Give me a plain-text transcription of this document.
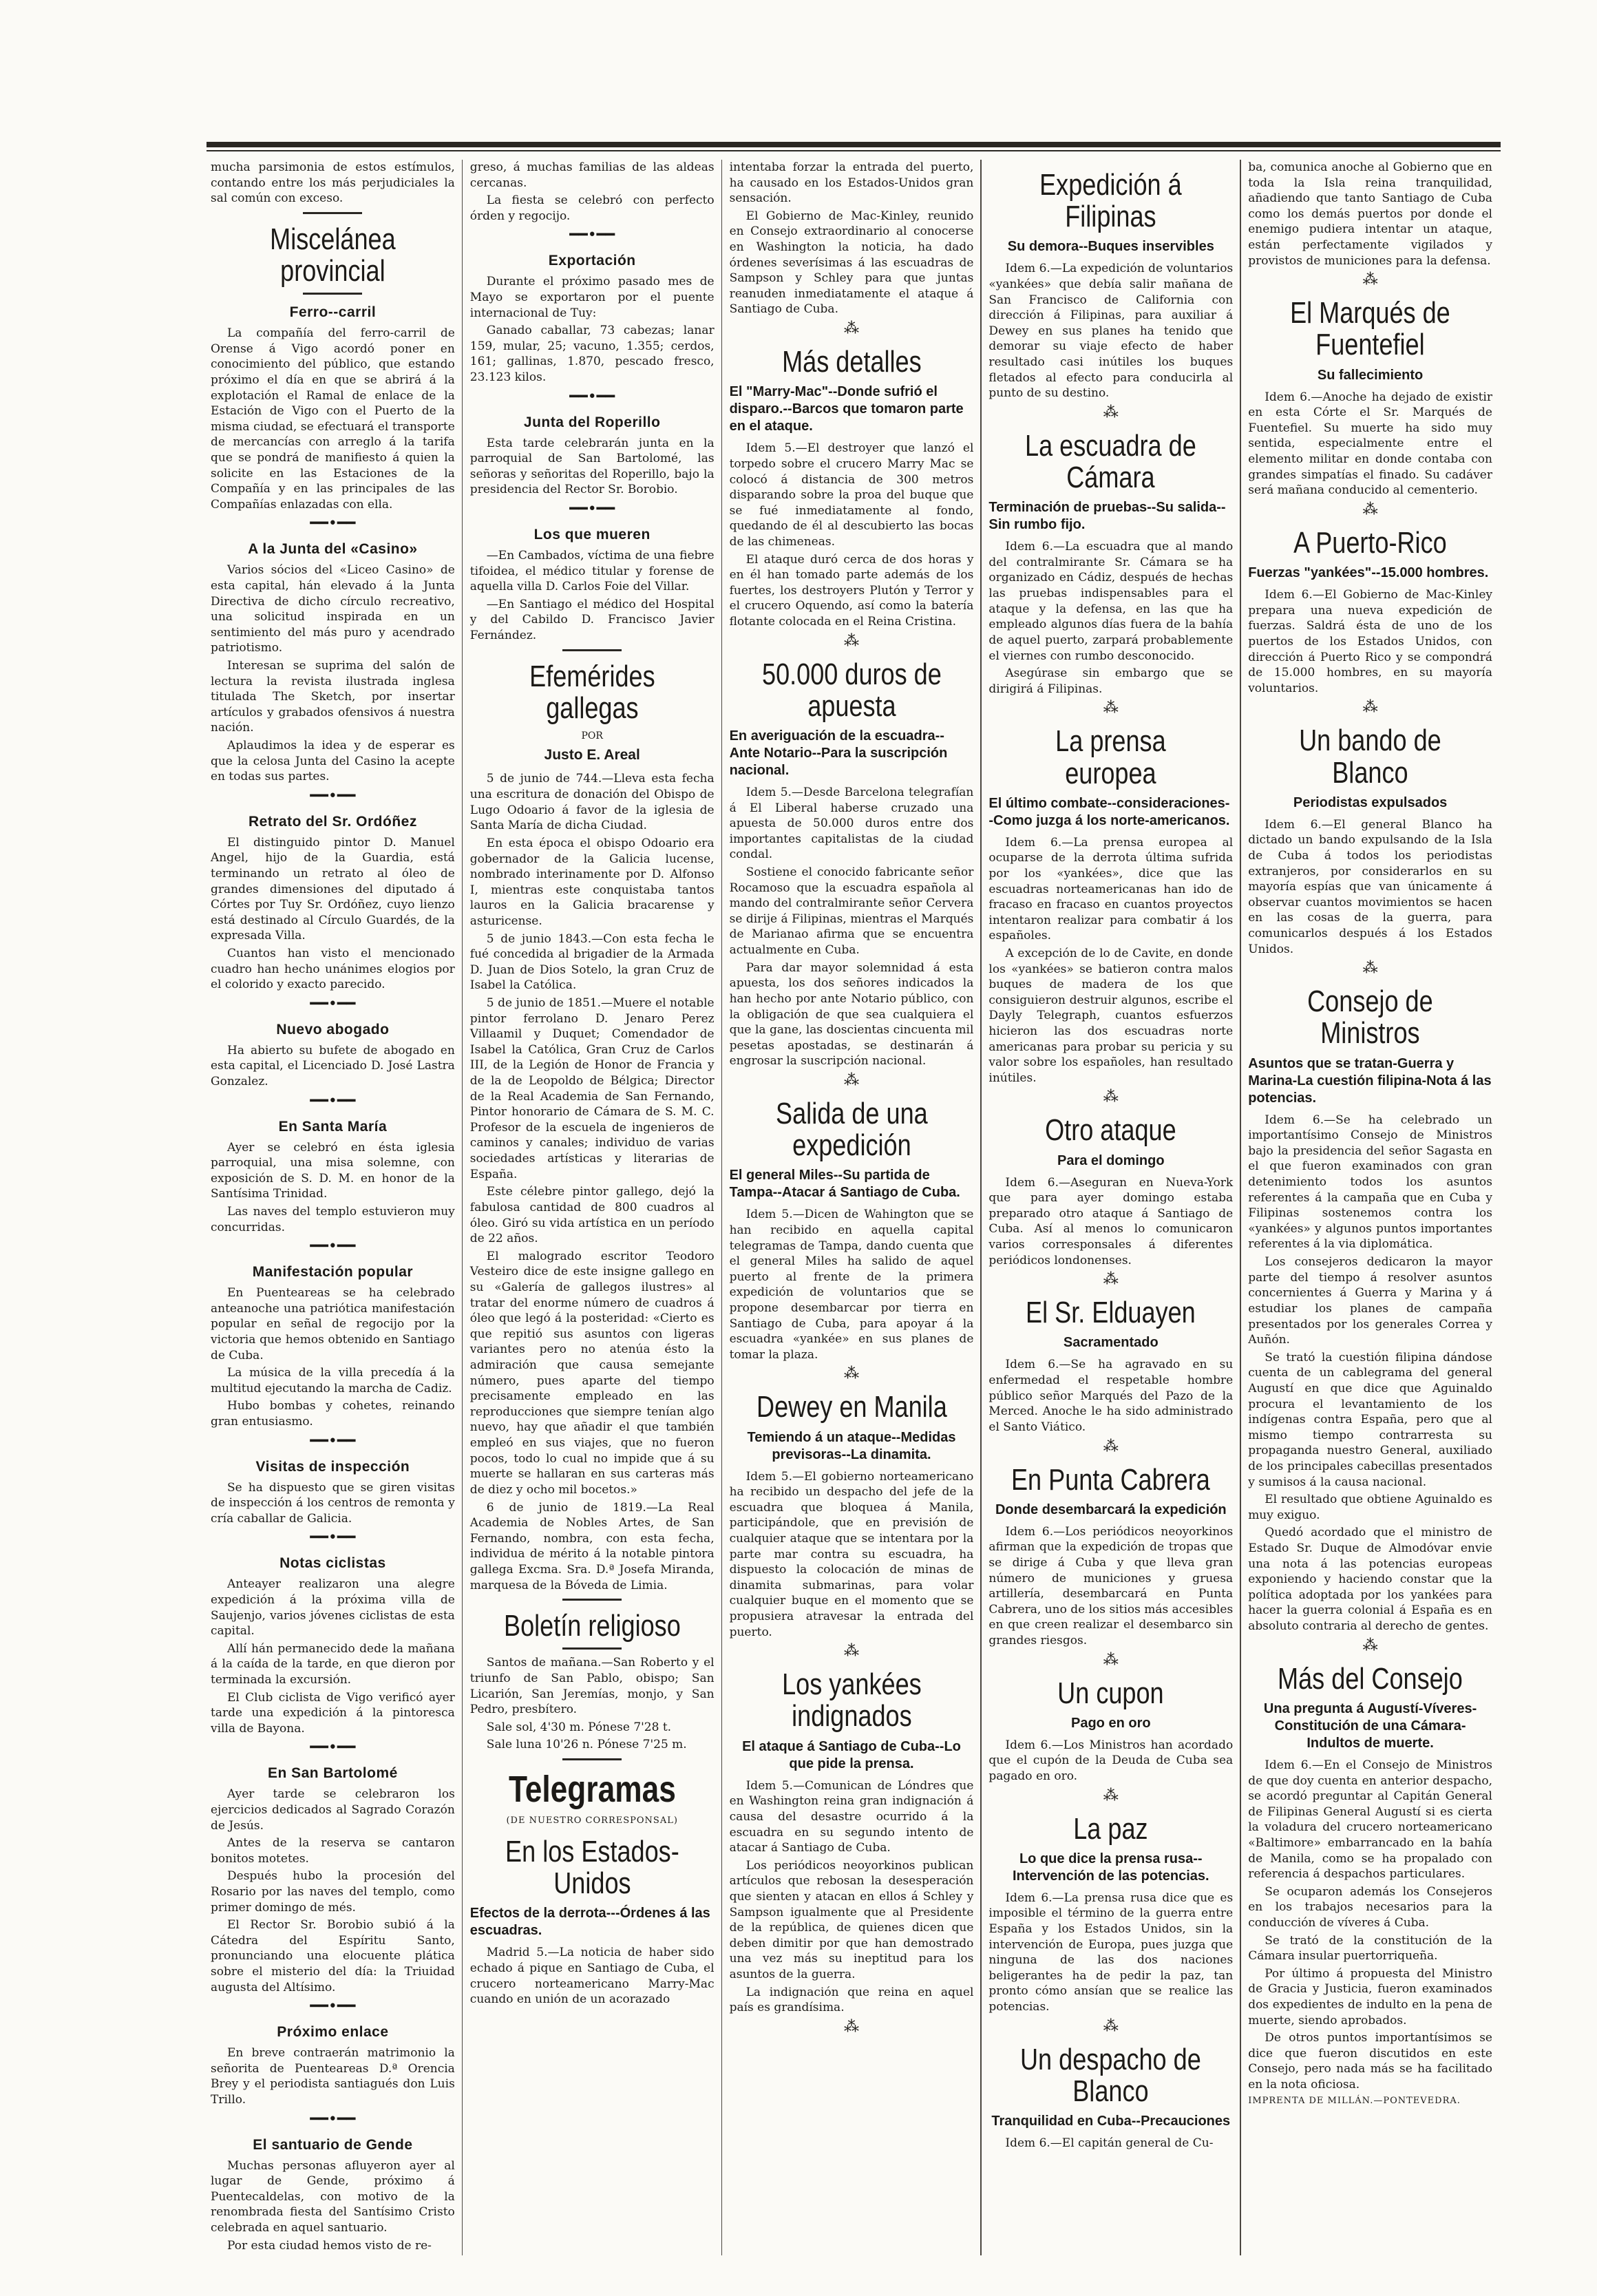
mucha parsimonia de estos estímulos, contando entre los más perjudiciales la sal común con exceso.

Miscelánea provincial
Ferro--carril

La compañía del ferro-carril de Orense á Vigo acordó poner en conocimiento del público, que estando próximo el día en que se abrirá á la explotación el Ramal de enlace de la Estación de Vigo con el Puerto de la misma ciudad, se efectuará el transporte de mercancías con arreglo á la tarifa que se pondrá de manifiesto á quien la solicite en las Estaciones de la Compañía y en las principales de las Compañías enlazadas con ella.

━━•━━
A la Junta del «Casino»

Varios sócios del «Liceo Casino» de esta capital, hán elevado á la Junta Directiva de dicho círculo recreativo, una solicitud inspirada en un sentimiento del más puro y acendrado patriotismo.

Interesan se suprima del salón de lectura la revista ilustrada inglesa titulada The Sketch, por insertar artículos y grabados ofensivos á nuestra nación.

Aplaudimos la idea y de esperar es que la celosa Junta del Casino la acepte en todas sus partes.

━━•━━
Retrato del Sr. Ordóñez

El distinguido pintor D. Manuel Angel, hijo de la Guardia, está terminando un retrato al óleo de grandes dimensiones del diputado á Córtes por Tuy Sr. Ordóñez, cuyo lienzo está destinado al Círculo Guardés, de la expresada Villa.

Cuantos han visto el mencionado cuadro han hecho unánimes elogios por el colorido y exacto parecido.

━━•━━
Nuevo abogado

Ha abierto su bufete de abogado en esta capital, el Licenciado D. José Lastra Gonzalez.

━━•━━
En Santa María

Ayer se celebró en ésta iglesia parroquial, una misa solemne, con exposición de S. D. M. en honor de la Santísima Trinidad.

Las naves del templo estuvieron muy concurridas.

━━•━━
Manifestación popular

En Puenteareas se ha celebrado anteanoche una patriótica manifestación popular en señal de regocijo por la victoria que hemos obtenido en Santiago de Cuba.

La música de la villa precedía á la multitud ejecutando la marcha de Cadiz.

Hubo bombas y cohetes, reinando gran entusiasmo.

━━•━━
Visitas de inspección

Se ha dispuesto que se giren visitas de inspección á los centros de remonta y cría caballar de Galicia.

━━•━━
Notas ciclistas

Anteayer realizaron una alegre expedición á la próxima villa de Saujenjo, varios jóvenes ciclistas de esta capital.

Allí hán permanecido dede la mañana á la caída de la tarde, en que dieron por terminada la excursión.

El Club ciclista de Vigo verificó ayer tarde una expedición á la pintoresca villa de Bayona.

━━•━━
En San Bartolomé

Ayer tarde se celebraron los ejercicios dedicados al Sagrado Corazón de Jesús.

Antes de la reserva se cantaron bonitos motetes.

Después hubo la procesión del Rosario por las naves del templo, como primer domingo de més.

El Rector Sr. Borobio subió á la Cátedra del Espíritu Santo, pronunciando una elocuente plática sobre el misterio del día: la Triuidad augusta del Altísimo.

━━•━━
Próximo enlace

En breve contraerán matrimonio la señorita de Puenteareas D.ª Orencia Brey y el periodista santiagués don Luis Trillo.

━━•━━
El santuario de Gende

Muchas personas afluyeron ayer al lugar de Gende, próximo á Puentecaldelas, con motivo de la renombrada fiesta del Santísimo Cristo celebrada en aquel santuario.

Por esta ciudad hemos visto de re-

greso, á muchas familias de las aldeas cercanas.

La fiesta se celebró con perfecto órden y regocijo.

━━•━━
Exportación

Durante el próximo pasado mes de Mayo se exportaron por el puente internacional de Tuy:

Ganado caballar, 73 cabezas; lanar 159, mular, 25; vacuno, 1.355; cerdos, 161; gallinas, 1.870, pescado fresco, 23.123 kilos.

━━•━━
Junta del Roperillo

Esta tarde celebrarán junta en la parroquial de San Bartolomé, las señoras y señoritas del Roperillo, bajo la presidencia del Rector Sr. Borobio.

━━•━━
Los que mueren

—En Cambados, víctima de una fiebre tifoidea, el médico titular y forense de aquella villa D. Carlos Foie del Villar.

—En Santiago el médico del Hospital y del Cabildo D. Francisco Javier Fernández.

Efemérides gallegas
POR
Justo E. Areal

5 de junio de 744.—Lleva esta fecha una escritura de donación del Obispo de Lugo Odoario á favor de la iglesia de Santa María de dicha Ciudad.

En esta época el obispo Odoario era gobernador de la Galicia lucense, nombrado interinamente por D. Alfonso I, mientras este conquistaba tantos lauros en la Galicia bracarense y asturicense.

5 de junio 1843.—Con esta fecha le fué concedida al brigadier de la Armada D. Juan de Dios Sotelo, la gran Cruz de Isabel la Católica.

5 de junio de 1851.—Muere el notable pintor ferrolano D. Jenaro Perez Villaamil y Duquet; Comendador de Isabel la Católica, Gran Cruz de Carlos III, de la Legión de Honor de Francia y de la de Leopoldo de Bélgica; Director de la Real Academia de San Fernando, Pintor honorario de Cámara de S. M. C. Profesor de la escuela de ingenieros de caminos y canales; individuo de varias sociedades artísticas y literarias de España.

Este célebre pintor gallego, dejó la fabulosa cantidad de 800 cuadros al óleo. Giró su vida artística en un período de 22 años.

El malogrado escritor Teodoro Vesteiro dice de este insigne gallego en su «Galería de gallegos ilustres» al tratar del enorme número de cuadros á óleo que legó á la posteridad: «Cierto es que repitió sus asuntos con ligeras variantes pero no atenúa ésto la admiración que causa semejante número, pues aparte del tiempo precisamente empleado en las reproducciones que siempre tenían algo nuevo, hay que añadir el que también empleó en sus viajes, que no fueron pocos, todo lo cual no impide que á su muerte se hallaran en sus carteras más de diez y ocho mil bocetos.»

6 de junio de 1819.—La Real Academia de Nobles Artes, de San Fernando, nombra, con esta fecha, individua de mérito á la notable pintora gallega Excma. Sra. D.ª Josefa Miranda, marquesa de la Bóveda de Limia.

Boletín religioso

Santos de mañana.—San Roberto y el triunfo de San Pablo, obispo; San Licarión, San Jeremías, monjo, y San Pedro, presbítero.

Sale sol, 4'30 m. Pónese 7'28 t.

Sale luna 10'26 n. Pónese 7'25 m.

Telegramas
(DE NUESTRO CORRESPONSAL)
En los Estados-Unidos
Efectos de la derrota---Órdenes á las escuadras.

Madrid 5.—La noticia de haber sido echado á pique en Santiago de Cuba, el crucero norteamericano Marry-Mac cuando en unión de un acorazado

intentaba forzar la entrada del puerto, ha causado en los Estados-Unidos gran sensación.

El Gobierno de Mac-Kinley, reunido en Consejo extraordinario al conocerse en Washington la noticia, ha dado órdenes severísimas á las escuadras de Sampson y Schley para que juntas reanuden inmediatamente el ataque á Santiago de Cuba.

⁂
Más detalles
El "Marry-Mac"--Donde sufrió el disparo.--Barcos que tomaron parte en el ataque.

Idem 5.—El destroyer que lanzó el torpedo sobre el crucero Marry Mac se colocó á distancia de 300 metros disparando sobre la proa del buque que se fué inmediatamente al fondo, quedando de él al descubierto las bocas de las chimeneas.

El ataque duró cerca de dos horas y en él han tomado parte además de los fuertes, los destroyers Plutón y Terror y el crucero Oquendo, así como la batería flotante colocada en el Reina Cristina.

⁂
50.000 duros de apuesta
En averiguación de la escuadra--Ante Notario--Para la suscripción nacional.

Idem 5.—Desde Barcelona telegrafían á El Liberal haberse cruzado una apuesta de 50.000 duros entre dos importantes capitalistas de la ciudad condal.

Sostiene el conocido fabricante señor Rocamoso que la escuadra española al mando del contralmirante señor Cervera se dirije á Filipinas, mientras el Marqués de Marianao afirma que se encuentra actualmente en Cuba.

Para dar mayor solemnidad á esta apuesta, los dos señores indicados la han hecho por ante Notario público, con la obligación de que sea cualquiera el que la gane, las doscientas cincuenta mil pesetas apostadas, se destinarán á engrosar la suscripción nacional.

⁂
Salida de una expedición
El general Miles--Su partida de Tampa--Atacar á Santiago de Cuba.

Idem 5.—Dicen de Wahington que se han recibido en aquella capital telegramas de Tampa, dando cuenta que el general Miles ha salido de aquel puerto al frente de la primera expedición de voluntarios que se propone desembarcar por tierra en Santiago de Cuba, para apoyar á la escuadra «yankée» en sus planes de tomar la plaza.

⁂
Dewey en Manila
Temiendo á un ataque--Medidas previsoras--La dinamita.

Idem 5.—El gobierno norteamericano ha recibido un despacho del jefe de la escuadra que bloquea á Manila, participándole, que en previsión de cualquier ataque que se intentara por la parte mar contra su escuadra, ha dispuesto la colocación de minas de dinamita submarinas, para volar cualquier buque en el momento que se propusiera atravesar la entrada del puerto.

⁂
Los yankées indignados
El ataque á Santiago de Cuba--Lo que pide la prensa.

Idem 5.—Comunican de Lóndres que en Washington reina gran indignación á causa del desastre ocurrido á la escuadra en su segundo intento de atacar á Santiago de Cuba.

Los periódicos neoyorkinos publican artículos que rebosan la desesperación que sienten y atacan en ellos á Schley y Sampson igualmente que al Presidente de la república, de quienes dicen que deben dimitir por que han demostrado una vez más su ineptitud para los asuntos de la guerra.

La indignación que reina en aquel país es grandísima.

⁂
Expedición á Filipinas
Su demora--Buques inservibles

Idem 6.—La expedición de voluntarios «yankées» que debía salir mañana de San Francisco de California con dirección á Filipinas, para auxiliar á Dewey en sus planes ha tenido que demorar su viaje efecto de haber resultado casi inútiles los buques fletados al efecto para conducirla al punto de su destino.

⁂
La escuadra de Cámara
Terminación de pruebas--Su salida--Sin rumbo fijo.

Idem 6.—La escuadra que al mando del contralmirante Sr. Cámara se ha organizado en Cádiz, después de hechas las pruebas indispensables para el ataque y la defensa, en las que ha empleado algunos días fuera de la bahía de aquel puerto, zarpará probablemente el viernes con rumbo desconocido.

Asegúrase sin embargo que se dirigirá á Filipinas.

⁂
La prensa europea
El último combate--consideraciones--Como juzga á los norte-americanos.

Idem 6.—La prensa europea al ocuparse de la derrota última sufrida por los «yankées», dice que las escuadras norteamericanas han ido de fracaso en fracaso en cuantos proyectos intentaron realizar para combatir á los españoles.

A excepción de lo de Cavite, en donde los «yankées» se batieron contra malos buques de madera de los que consiguieron destruir algunos, escribe el Dayly Telegraph, cuantos esfuerzos hicieron las dos escuadras norte americanas para probar su pericia y su valor sobre los españoles, han resultado inútiles.

⁂
Otro ataque
Para el domingo

Idem 6.—Aseguran en Nueva-York que para ayer domingo estaba preparado otro ataque á Santiago de Cuba. Así al menos lo comunicaron varios corresponsales á diferentes periódicos londonenses.

⁂
El Sr. Elduayen
Sacramentado

Idem 6.—Se ha agravado en su enfermedad el respetable hombre público señor Marqués del Pazo de la Merced. Anoche le ha sido administrado el Santo Viático.

⁂
En Punta Cabrera
Donde desembarcará la expedición

Idem 6.—Los periódicos neoyorkinos afirman que la expedición de tropas que se dirige á Cuba y que lleva gran número de municiones y gruesa artillería, desembarcará en Punta Cabrera, uno de los sitios más accesibles en que creen realizar el desembarco sin grandes riesgos.

⁂
Un cupon
Pago en oro

Idem 6.—Los Ministros han acordado que el cupón de la Deuda de Cuba sea pagado en oro.

⁂
La paz
Lo que dice la prensa rusa--Intervención de las potencias.

Idem 6.—La prensa rusa dice que es imposible el término de la guerra entre España y los Estados Unidos, sin la intervención de Europa, pues juzga que ninguna de las dos naciones beligerantes ha de pedir la paz, tan pronto cómo ansían que se realice las potencias.

⁂
Un despacho de Blanco
Tranquilidad en Cuba--Precauciones

Idem 6.—El capitán general de Cu-

ba, comunica anoche al Gobierno que en toda la Isla reina tranquilidad, añadiendo que tanto Santiago de Cuba como los demás puertos por donde el enemigo pudiera intentar un ataque, están perfectamente vigilados y provistos de municiones para la defensa.

⁂
El Marqués de Fuentefiel
Su fallecimiento

Idem 6.—Anoche ha dejado de existir en esta Córte el Sr. Marqués de Fuentefiel. Su muerte ha sido muy sentida, especialmente entre el elemento militar en donde contaba con grandes simpatías el finado. Su cadáver será mañana conducido al cementerio.

⁂
A Puerto-Rico
Fuerzas "yankées"--15.000 hombres.

Idem 6.—El Gobierno de Mac-Kinley prepara una nueva expedición de fuerzas. Saldrá ésta de uno de los puertos de los Estados Unidos, con dirección á Puerto Rico y se compondrá de 15.000 hombres, en su mayoría voluntarios.

⁂
Un bando de Blanco
Periodistas expulsados

Idem 6.—El general Blanco ha dictado un bando expulsando de la Isla de Cuba á todos los periodistas extranjeros, por considerarlos en su mayoría espías que van únicamente á observar cuantos movimientos se hacen en las cosas de la guerra, para comunicarlos después á los Estados Unidos.

⁂
Consejo de Ministros
Asuntos que se tratan-Guerra y Marina-La cuestión filipina-Nota á las potencias.

Idem 6.—Se ha celebrado un importantísimo Consejo de Ministros bajo la presidencia del señor Sagasta en el que fueron examinados con gran detenimiento todos los asuntos referentes á la campaña que en Cuba y Filipinas sostenemos contra los «yankées» y algunos puntos importantes referentes á la via diplomática.

Los consejeros dedicaron la mayor parte del tiempo á resolver asuntos concernientes á Guerra y Marina y á estudiar los planes de campaña presentados por los generales Correa y Auñón.

Se trató la cuestión filipina dándose cuenta de un cablegrama del general Augustí en que dice que Aguinaldo procura el levantamiento de los indígenas contra España, pero que al mismo tiempo contrarresta su propaganda nuestro General, auxiliado de los principales cabecillas presentados y sumisos á la causa nacional.

El resultado que obtiene Aguinaldo es muy exiguo.

Quedó acordado que el ministro de Estado Sr. Duque de Almodóvar envie una nota á las potencias europeas exponiendo y haciendo constar que la política adoptada por los yankées para hacer la guerra colonial á España es en absoluto contraria al derecho de gentes.

⁂
Más del Consejo
Una pregunta á Augustí-Víveres-Constitución de una Cámara-Indultos de muerte.

Idem 6.—En el Consejo de Ministros de que doy cuenta en anterior despacho, se acordó preguntar al Capitán General de Filipinas General Augustí si es cierta la voladura del crucero norteamericano «Baltimore» embarrancado en la bahía de Manila, como se ha propalado con referencia á despachos particulares.

Se ocuparon además los Consejeros en los trabajos necesarios para la conducción de víveres á Cuba.

Se trató de la constitución de la Cámara insular puertorriqueña.

Por último á propuesta del Ministro de Gracia y Justicia, fueron examinados dos expedientes de indulto en la pena de muerte, siendo aprobados.

De otros puntos importantísimos se dice que fueron discutidos en este Consejo, pero nada más se ha facilitado en la nota oficiosa.

IMPRENTA DE MILLÁN.—PONTEVEDRA.
